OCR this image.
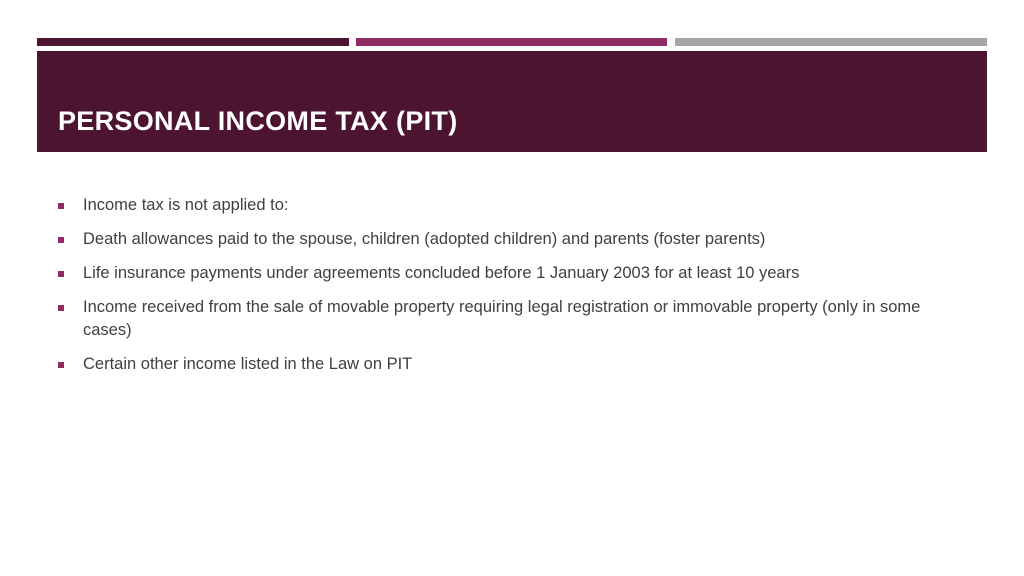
PERSONAL INCOME TAX (PIT)
Income tax is not applied to:
Death allowances paid to the spouse, children (adopted children) and parents (foster parents)
Life insurance payments under agreements concluded before 1 January 2003 for at least 10 years
Income received from the sale of movable property requiring legal registration or immovable property (only in some cases)
Certain other income listed in the Law on PIT
